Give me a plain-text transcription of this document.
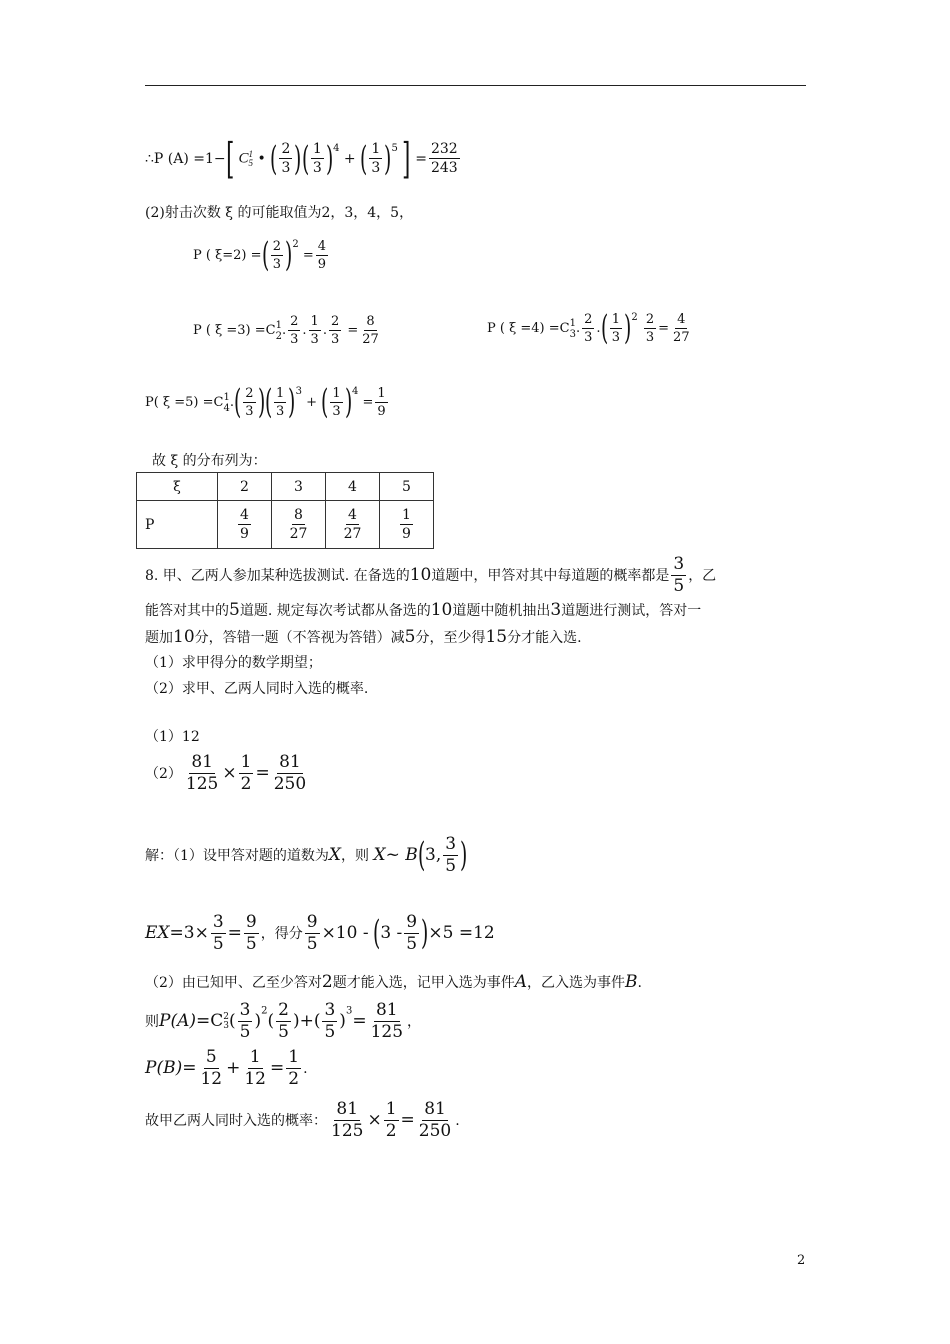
∴P (A) =1−[ C 1
5 • ( $\frac{2}{3}$ )( $\frac{1}{3} )^4$ + ( $\frac{1}{3} )^5$ ] = $\frac{232}{243}$
(2)射击次数 ξ 的可能取值为2，3，4，5，
P ( ξ=2) =( $\frac{2}{3} )^2 = \frac{4}{9}$
P ( ξ =3) =C 1
2 . $\frac{2}{3}$ . $\frac{1}{3}$ . $\frac{2}{3} = \frac{8}{27}$	P ( ξ =4) =C 1
3 . $\frac{2}{3}$ .( $\frac{1}{3} )^2 \frac{2}{3} = \frac{4}{27}$
P( ξ =5) =C 1
4 .( $\frac{2}{3}$ )( $\frac{1}{3} )^3$ + ( $\frac{1}{3} )^4 = \frac{1}{9}$
故 ξ 的分布列为：
ξ	2	3	4	5
P	$\frac{4}{9}$	$\frac{8}{27}$	$\frac{4}{27}$	$\frac{1}{9}$
8. 甲、乙两人参加某种选拔测试. 在备选的10道题中，甲答对其中每道题的概率都是 $\frac{3}{5}$ ，乙
能答对其中的5道题. 规定每次考试都从备选的10道题中随机抽出3道题进行测试，答对一
题加10分，答错一题（不答视为答错）减5分，至少得15分才能入选.
（1）求甲得分的数学期望；
（2）求甲、乙两人同时入选的概率.
（1）12
$(2) \frac{81}{125} \times \frac{1}{2} = \frac{81}{250}$
解：（1）设甲答对题的道数为X，则 X~ B(3, $\frac{3}{5}$ )
$EX=3\times \frac{3}{5} = \frac{9}{5}$ ，得分 $\frac{9}{5} \times 10 - (3 - \frac{9}{5} )\times 5 =12$
（2）由已知甲、乙至少答对2题才能入选，记甲入选为事件A，乙入选为事件B.
则P(A)=C 2
3 ( $\frac{3}{5} )^2( \frac{2}{5}$ )+( $\frac{3}{5} )^3= \frac{81}{125}$ ，
$P(B)= \frac{5}{12} + \frac{1}{12} = \frac{1}{2}$ .
故甲乙两人同时入选的概率： $\frac{81}{125} \times \frac{1}{2} = \frac{81}{250}$ .
2
